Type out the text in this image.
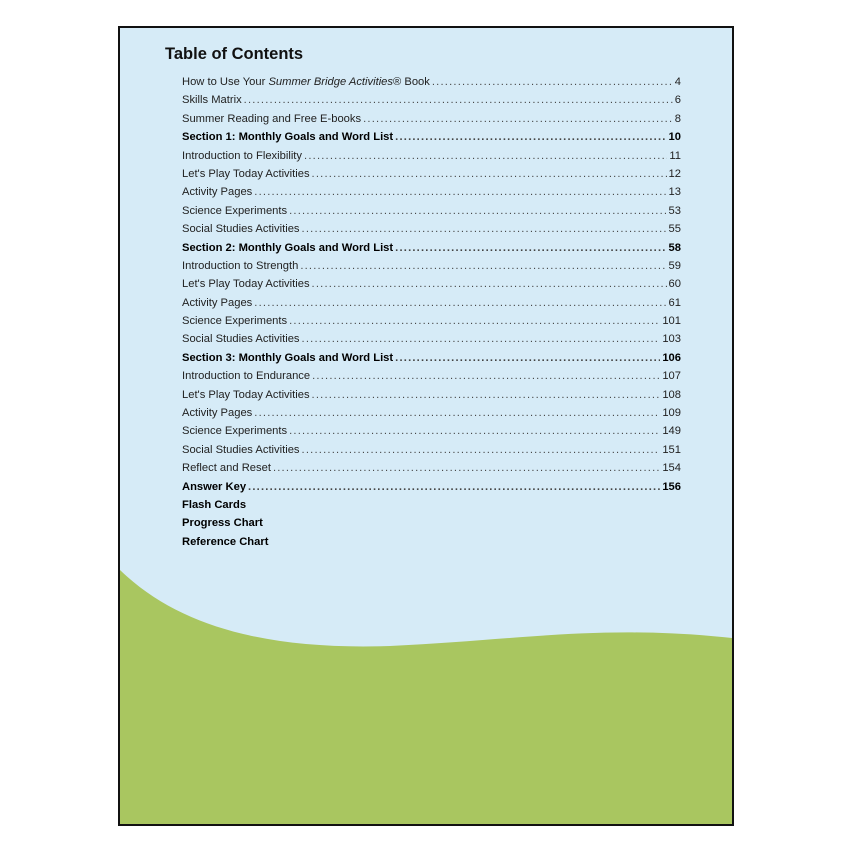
Table of Contents
How to Use Your Summer Bridge Activities® Book .....	4
Skills Matrix .....	6
Summer Reading and Free E-books .....	8
Section 1: Monthly Goals and Word List .....	10
Introduction to Flexibility .....	11
Let's Play Today Activities .....	12
Activity Pages .....	13
Science Experiments .....	53
Social Studies Activities .....	55
Section 2: Monthly Goals and Word List .....	58
Introduction to Strength .....	59
Let's Play Today Activities .....	60
Activity Pages .....	61
Science Experiments .....	101
Social Studies Activities .....	103
Section 3: Monthly Goals and Word List .....	106
Introduction to Endurance .....	107
Let's Play Today Activities .....	108
Activity Pages .....	109
Science Experiments .....	149
Social Studies Activities .....	151
Reflect and Reset .....	154
Answer Key .....	156
Flash Cards
Progress Chart
Reference Chart
